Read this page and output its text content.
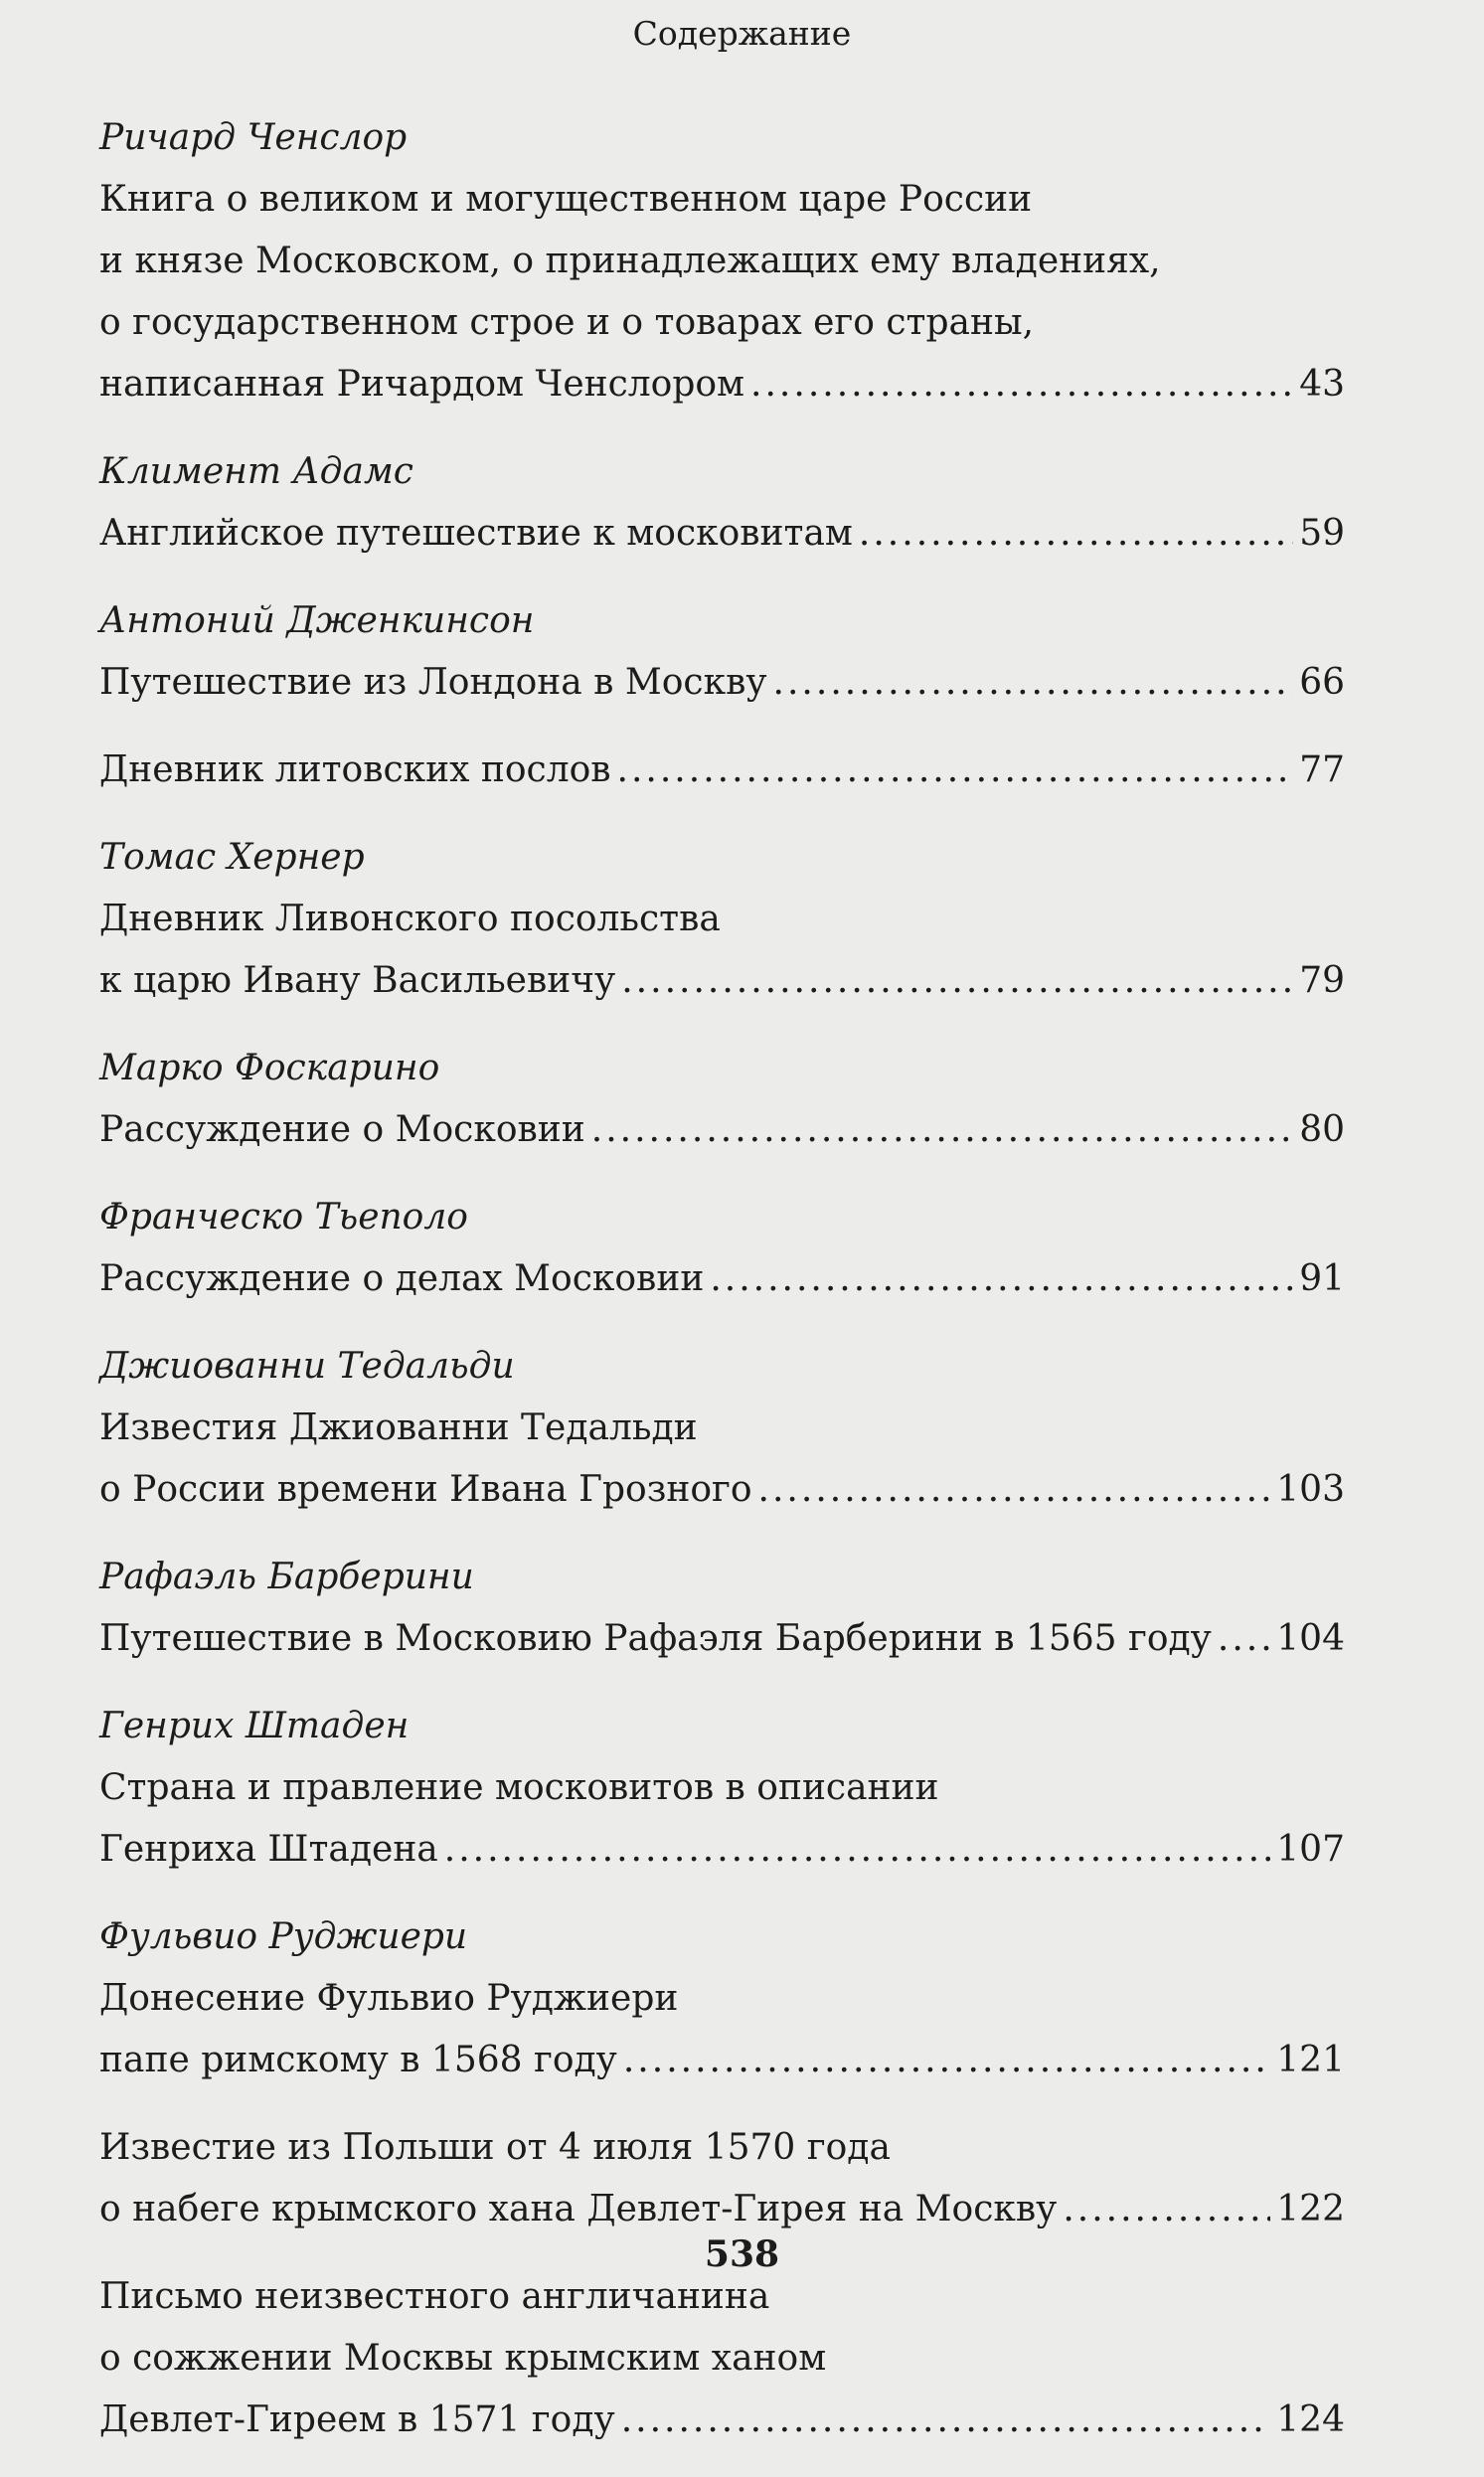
Содержание
Ричард Ченслор
Книга о великом и могущественном царе России
и князе Московском, о принадлежащих ему владениях,
о государственном строе и о товарах его страны,
написанная Ричардом Ченслором .....	43
Климент Адамс
Английское путешествие к московитам .....	59
Антоний Дженкинсон
Путешествие из Лондона в Москву .....	66
Дневник литовских послов .....	77
Томас Хернер
Дневник Ливонского посольства
к царю Ивану Васильевичу .....	79
Марко Фоскарино
Рассуждение о Московии .....	80
Франческо Тьеполо
Рассуждение о делах Московии .....	91
Джиованни Тедальди
Известия Джиованни Тедальди
о России времени Ивана Грозного .....	103
Рафаэль Барберини
Путешествие в Московию Рафаэля Барберини в 1565 году ..... 104
Генрих Штаден
Страна и правление московитов в описании
Генриха Штадена .....	107
Фульвио Руджиери
Донесение Фульвио Руджиери
папе римскому в 1568 году .....	121
Известие из Польши от 4 июля 1570 года
о набеге крымского хана Девлет-Гирея на Москву .....	122
Письмо неизвестного англичанина
о сожжении Москвы крымским ханом
Девлет-Гиреем в 1571 году .....	124
538
